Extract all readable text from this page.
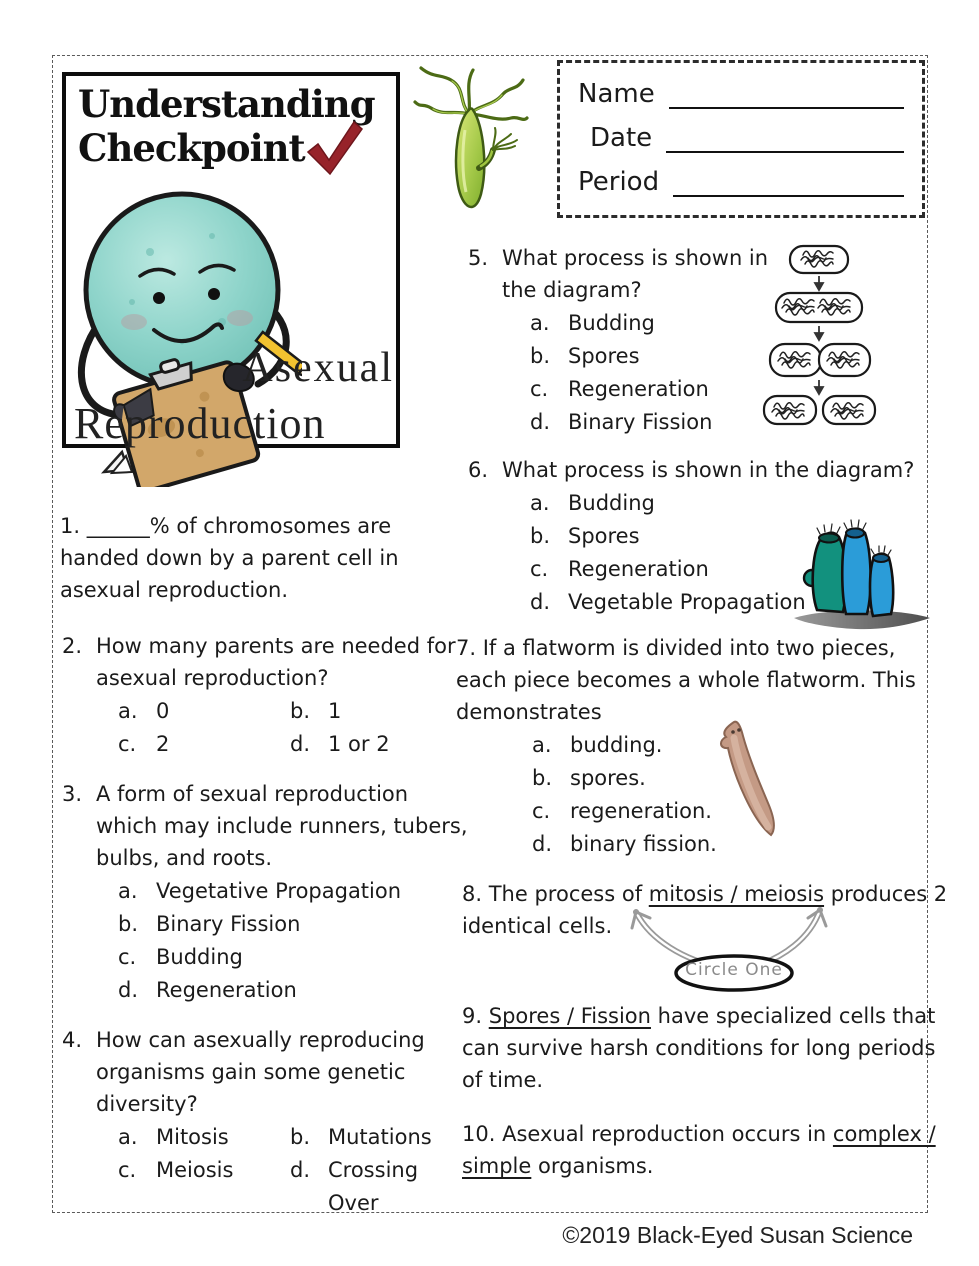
Understanding
Checkpoint
Asexual
Reproduction
Name
Date
Period
1. ______% of chromosomes are handed down by a parent cell in asexual reproduction.
2. How many parents are needed for asexual reproduction?
a. 0	b. 1
c. 2	d. 1 or 2
3. A form of sexual reproduction which may include runners, tubers, bulbs, and roots.
a. Vegetative Propagation
b. Binary Fission
c. Budding
d. Regeneration
4. How can asexually reproducing organisms gain some genetic diversity?
a. Mitosis	b. Mutations
c. Meiosis	d. Crossing Over
5. What process is shown in the diagram?
a. Budding
b. Spores
c. Regeneration
d. Binary Fission
6. What process is shown in the diagram?
a. Budding
b. Spores
c. Regeneration
d. Vegetable Propagation
7. If a flatworm is divided into two pieces, each piece becomes a whole flatworm. This demonstrates
a. budding.
b. spores.
c. regeneration.
d. binary fission.
8. The process of mitosis / meiosis produces 2 identical cells.
Circle One
9. Spores / Fission have specialized cells that can survive harsh conditions for long periods of time.
10. Asexual reproduction occurs in complex / simple organisms.
©2019 Black-Eyed Susan Science
